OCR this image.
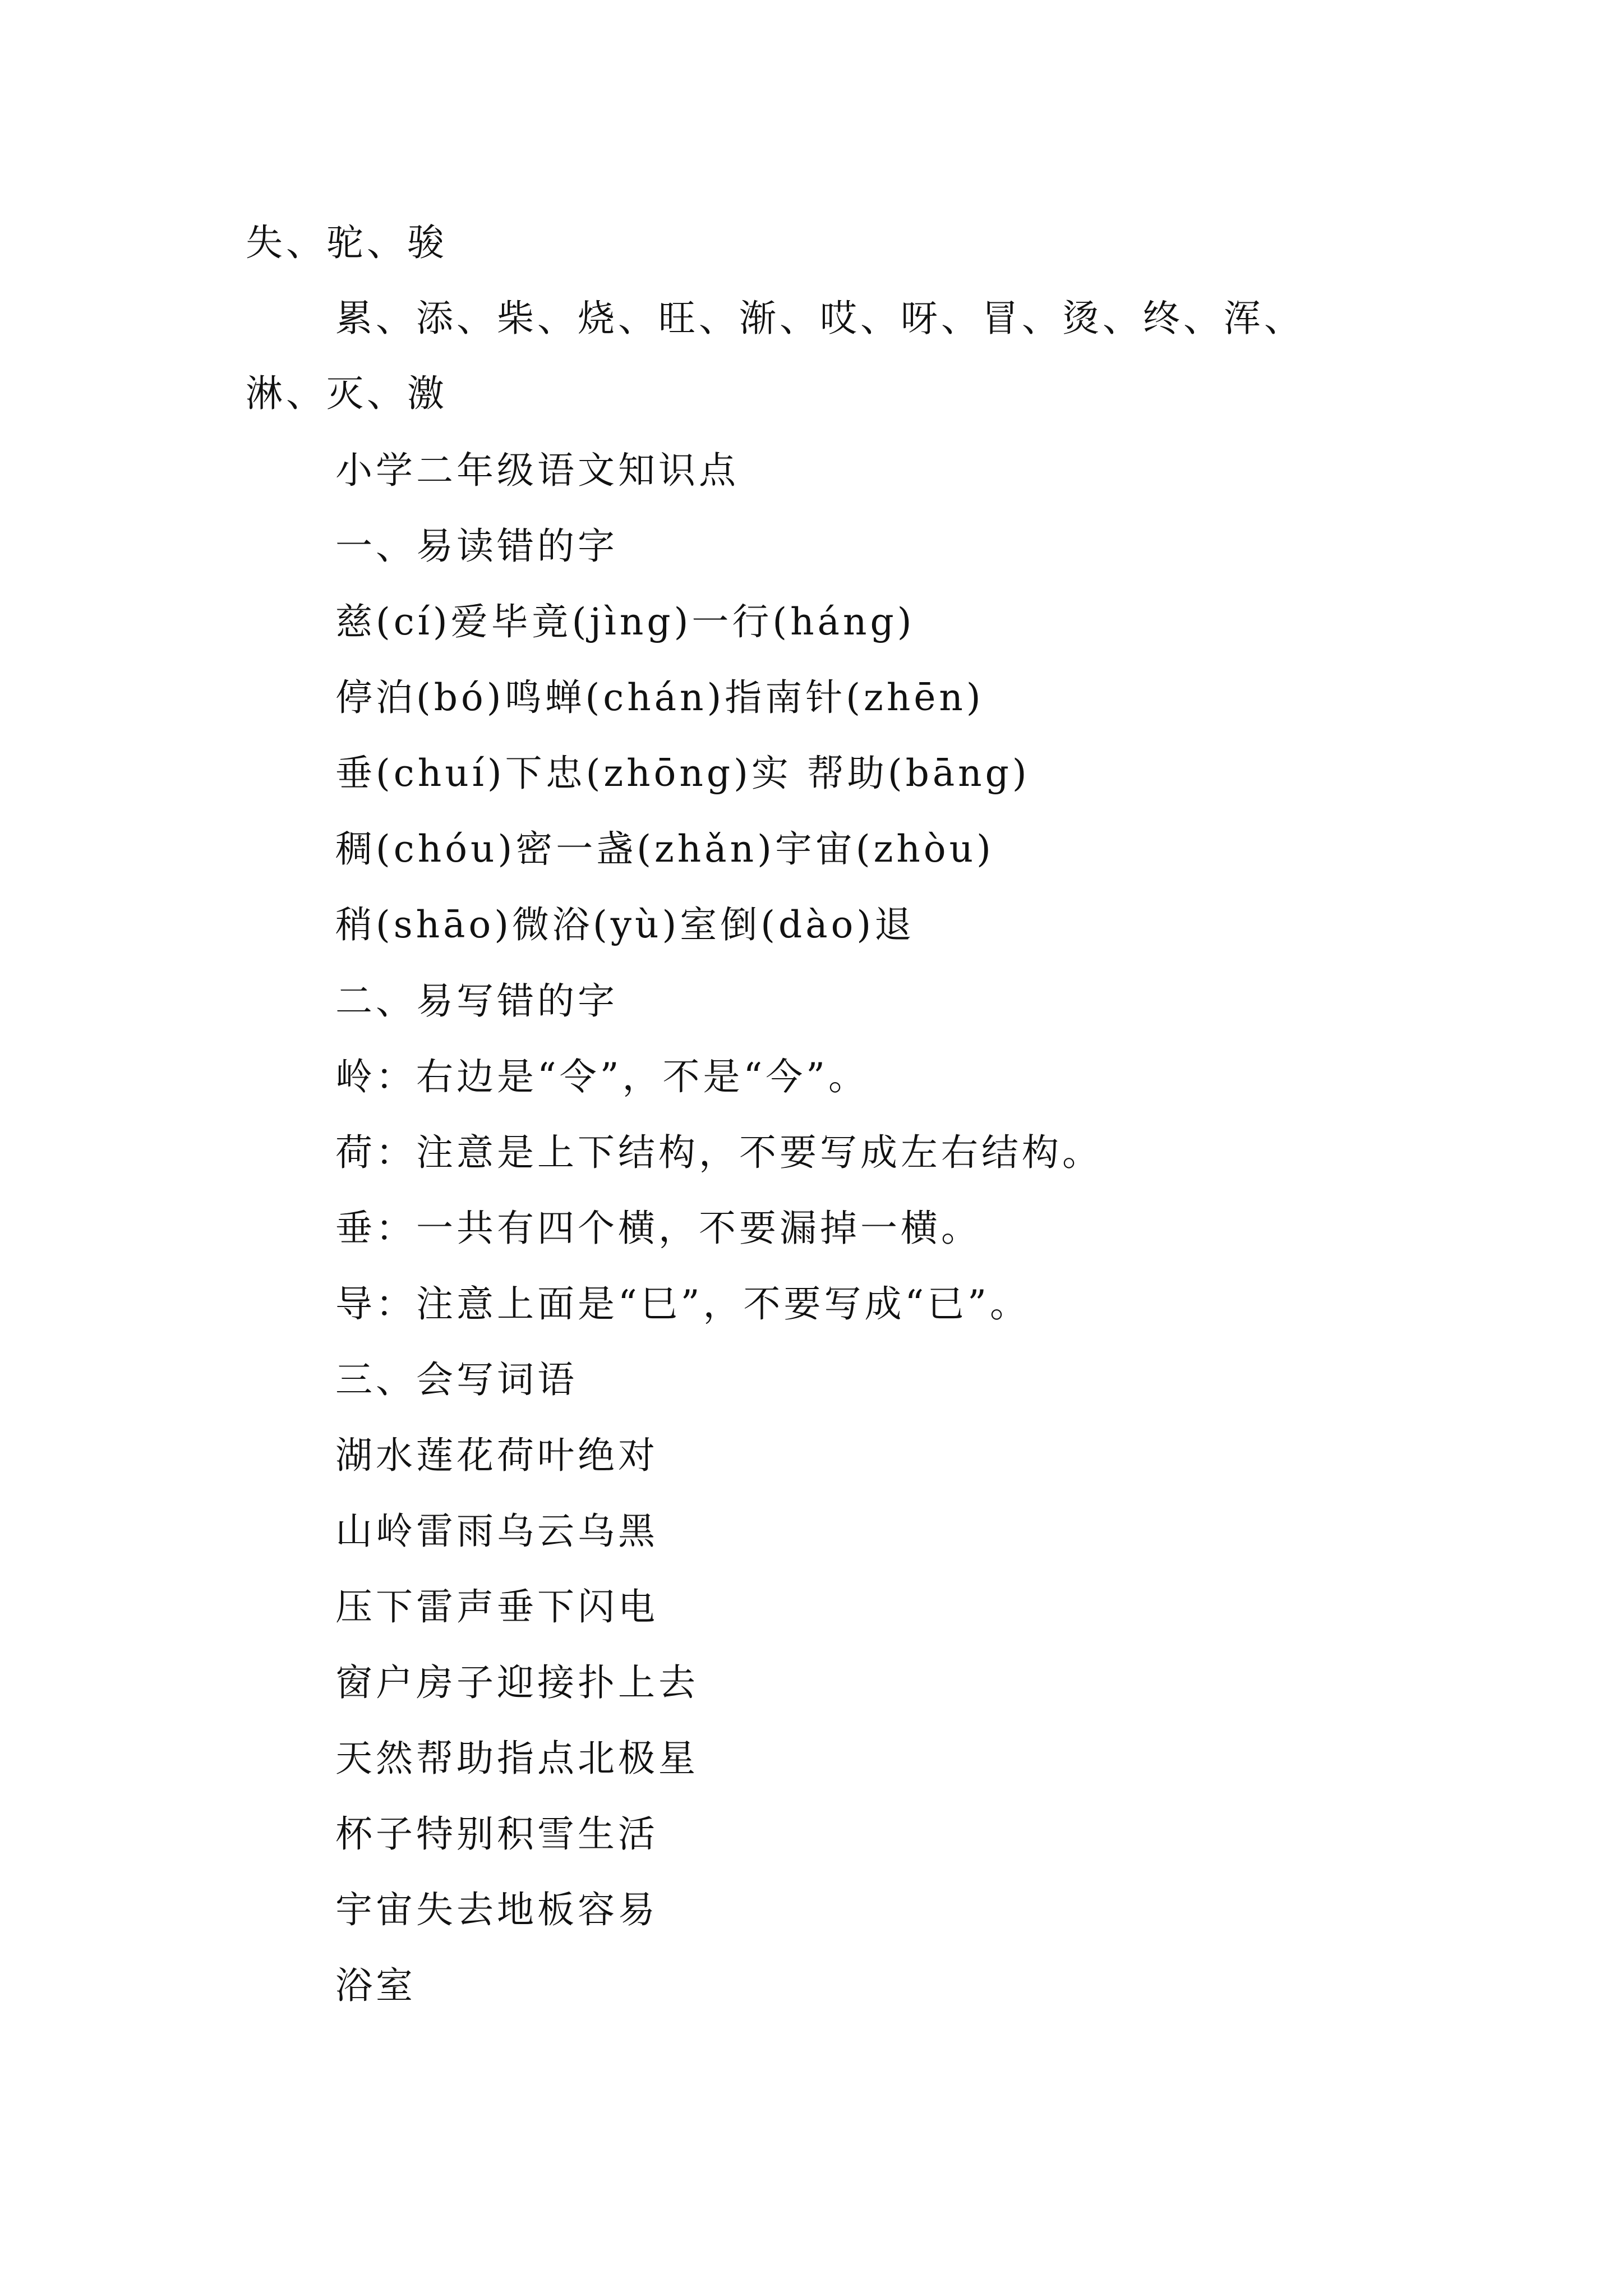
失、驼、骏

累、添、柴、烧、旺、渐、哎、呀、冒、烫、终、浑、

淋、灭、激

小学二年级语文知识点

一、易读错的字

慈(cí)爱毕竟(jìng)一行(háng)

停泊(bó)鸣蝉(chán)指南针(zhēn)

垂(chuí)下忠(zhōng)实 帮助(bāng)

稠(chóu)密一盏(zhǎn)宇宙(zhòu)

稍(shāo)微浴(yù)室倒(dào)退

二、易写错的字

岭：右边是“令”，不是“今”。

荷：注意是上下结构，不要写成左右结构。

垂：一共有四个横，不要漏掉一横。

导：注意上面是“巳”，不要写成“已”。

三、会写词语

湖水莲花荷叶绝对

山岭雷雨乌云乌黑

压下雷声垂下闪电

窗户房子迎接扑上去

天然帮助指点北极星

杯子特别积雪生活

宇宙失去地板容易

浴室
